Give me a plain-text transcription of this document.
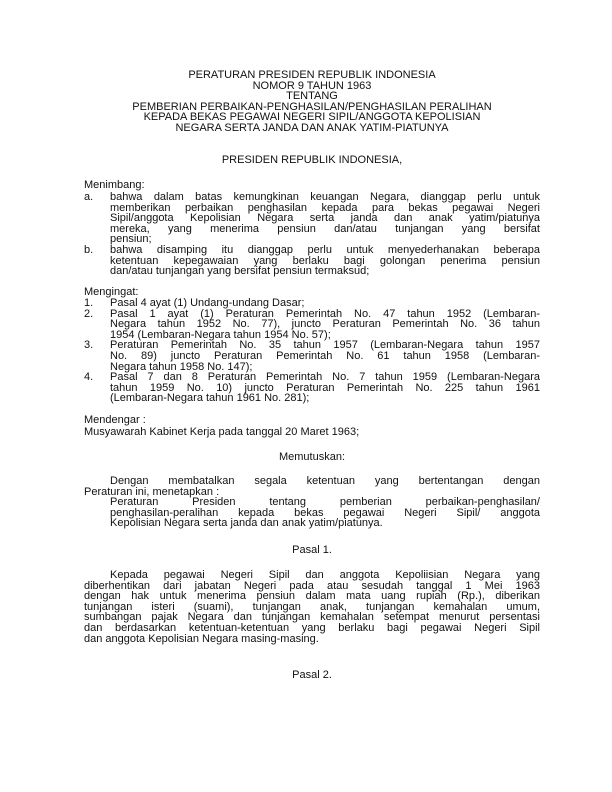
PERATURAN PRESIDEN REPUBLIK INDONESIA
NOMOR 9 TAHUN 1963
TENTANG
PEMBERIAN PERBAIKAN-PENGHASILAN/PENGHASILAN PERALIHAN
KEPADA BEKAS PEGAWAI NEGERI SIPIL/ANGGOTA KEPOLISIAN
NEGARA SERTA JANDA DAN ANAK YATIM-PIATUNYA
PRESIDEN REPUBLIK INDONESIA,
Menimbang:
a.	bahwa dalam batas kemungkinan keuangan Negara, dianggap perlu untuk
memberikan perbaikan penghasilan kepada para bekas pegawai Negeri
Sipil/anggota Kepolisian Negara serta janda dan anak yatim/piatunya
mereka, yang menerima pensiun dan/atau tunjangan yang bersifat
pensiun;
b.	bahwa disamping itu dianggap perlu untuk menyederhanakan beberapa
ketentuan kepegawaian yang berlaku bagi golongan penerima pensiun
dan/atau tunjangan yang bersifat pensiun termaksud;
Mengingat:
1.	Pasal 4 ayat (1) Undang-undang Dasar;
2.	Pasal 1 ayat (1) Peraturan Pemerintah No. 47 tahun 1952 (Lembaran-
Negara tahun 1952 No. 77), juncto Peraturan Pemerintah No. 36 tahun
1954 (Lembaran-Negara tahun 1954 No. 57);
3.	Peraturan Pemerintah No. 35 tahun 1957 (Lembaran-Negara tahun 1957
No. 89) juncto Peraturan Pemerintah No. 61 tahun 1958 (Lembaran-
Negara tahun 1958 No. 147);
4.	Pasal 7 dan 8 Peraturan Pemerintah No. 7 tahun 1959 (Lembaran-Negara
tahun 1959 No. 10) juncto Peraturan Pemerintah No. 225 tahun 1961
(Lembaran-Negara tahun 1961 No. 281);
Mendengar :
Musyawarah Kabinet Kerja pada tanggal 20 Maret 1963;
Memutuskan:
Dengan membatalkan segala ketentuan yang bertentangan dengan
Peraturan ini, menetapkan :
Peraturan Presiden tentang pemberian perbaikan-penghasilan/
penghasilan-peralihan kepada bekas pegawai Negeri Sipil/ anggota
Kepolisian Negara serta janda dan anak yatim/piatunya.
Pasal 1.
Kepada pegawai Negeri Sipil dan anggota Kepoliisian Negara yang
diberhentikan dari jabatan Negeri pada atau sesudah tanggal 1 Mei 1963
dengan hak untuk menerima pensiun dalam mata uang rupiah (Rp.), diberikan
tunjangan isteri (suami), tunjangan anak, tunjangan kemahalan umum,
sumbangan pajak Negara dan tunjangan kemahalan setempat menurut persentasi
dan berdasarkan ketentuan-ketentuan yang berlaku bagi pegawai Negeri Sipil
dan anggota Kepolisian Negara masing-masing.
Pasal 2.
